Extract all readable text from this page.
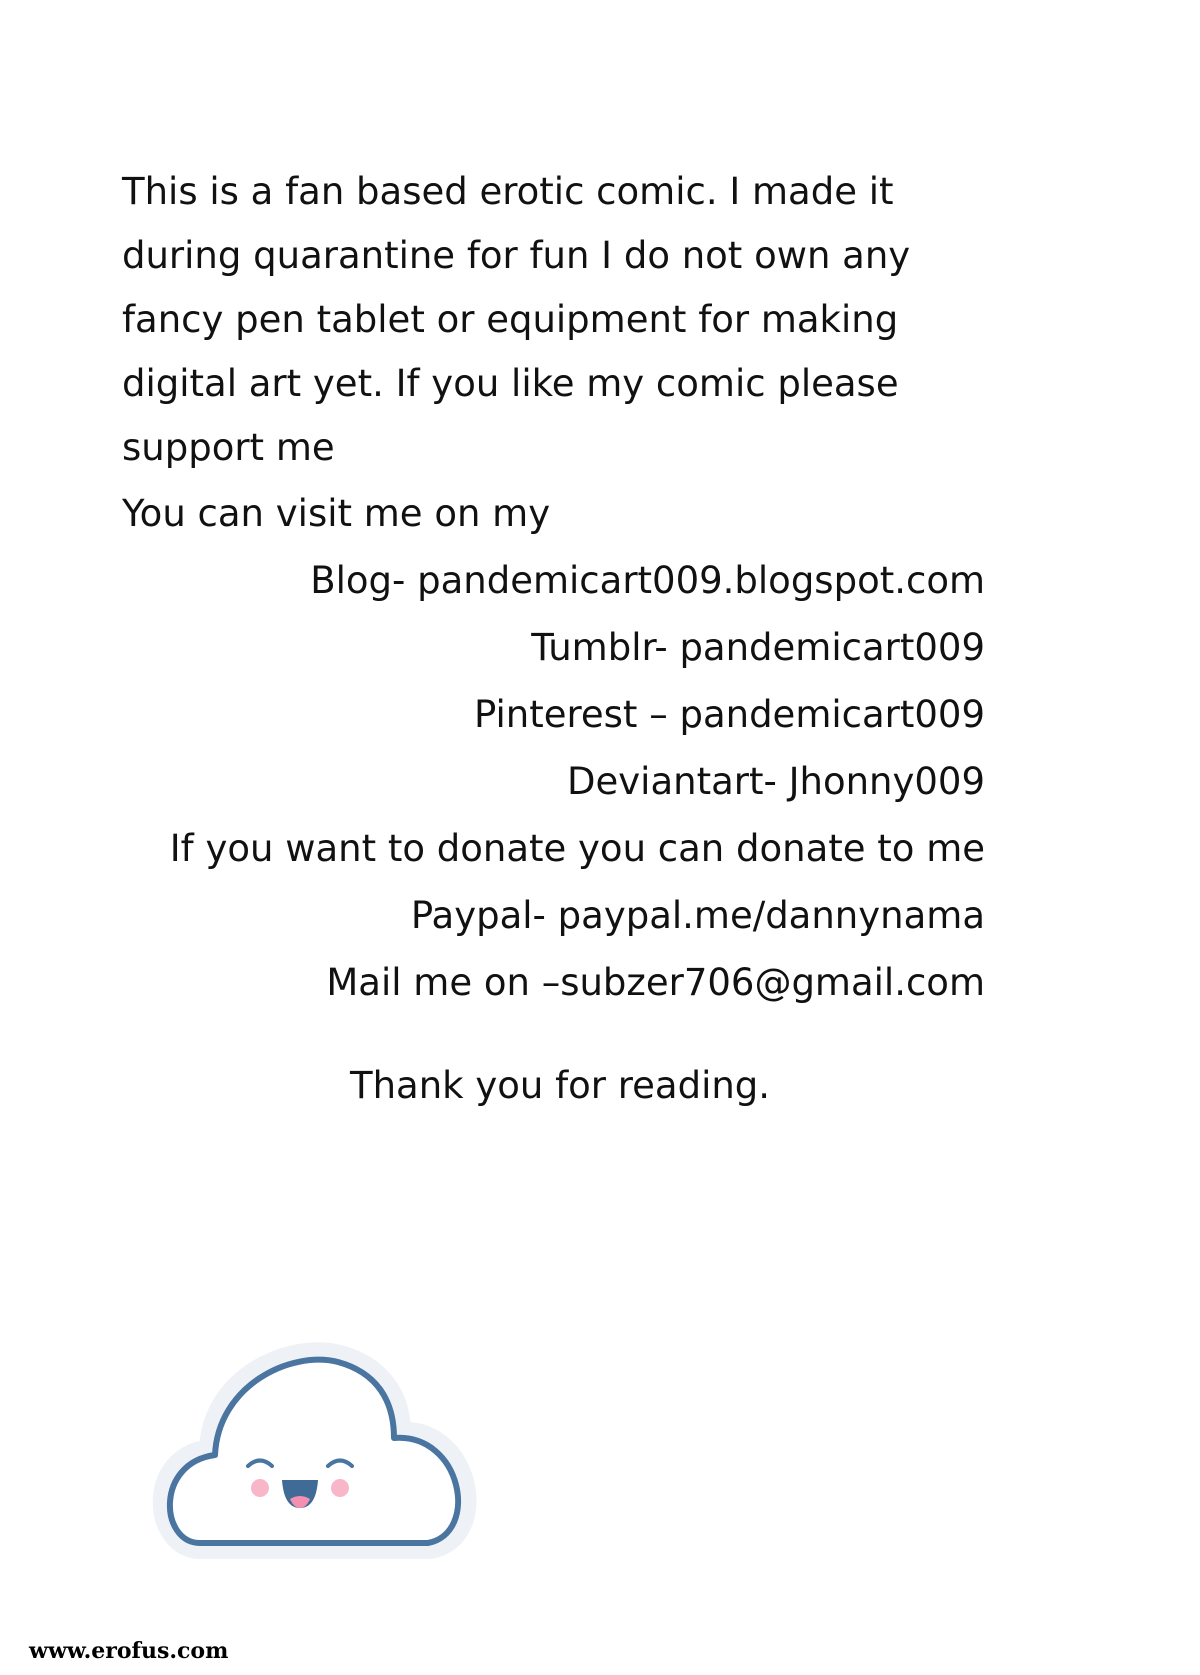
This is a fan based erotic comic. I made it
during quarantine for fun I do not own any
fancy pen tablet or equipment for making
digital art yet. If you like my comic please
support me
You can visit me on my
Blog- pandemicart009.blogspot.com
Tumblr- pandemicart009
Pinterest – pandemicart009
Deviantart- Jhonny009
If you want to donate you can donate to me
Paypal- paypal.me/dannynama
Mail me on –subzer706@gmail.com
Thank you for reading.
www.erofus.com
